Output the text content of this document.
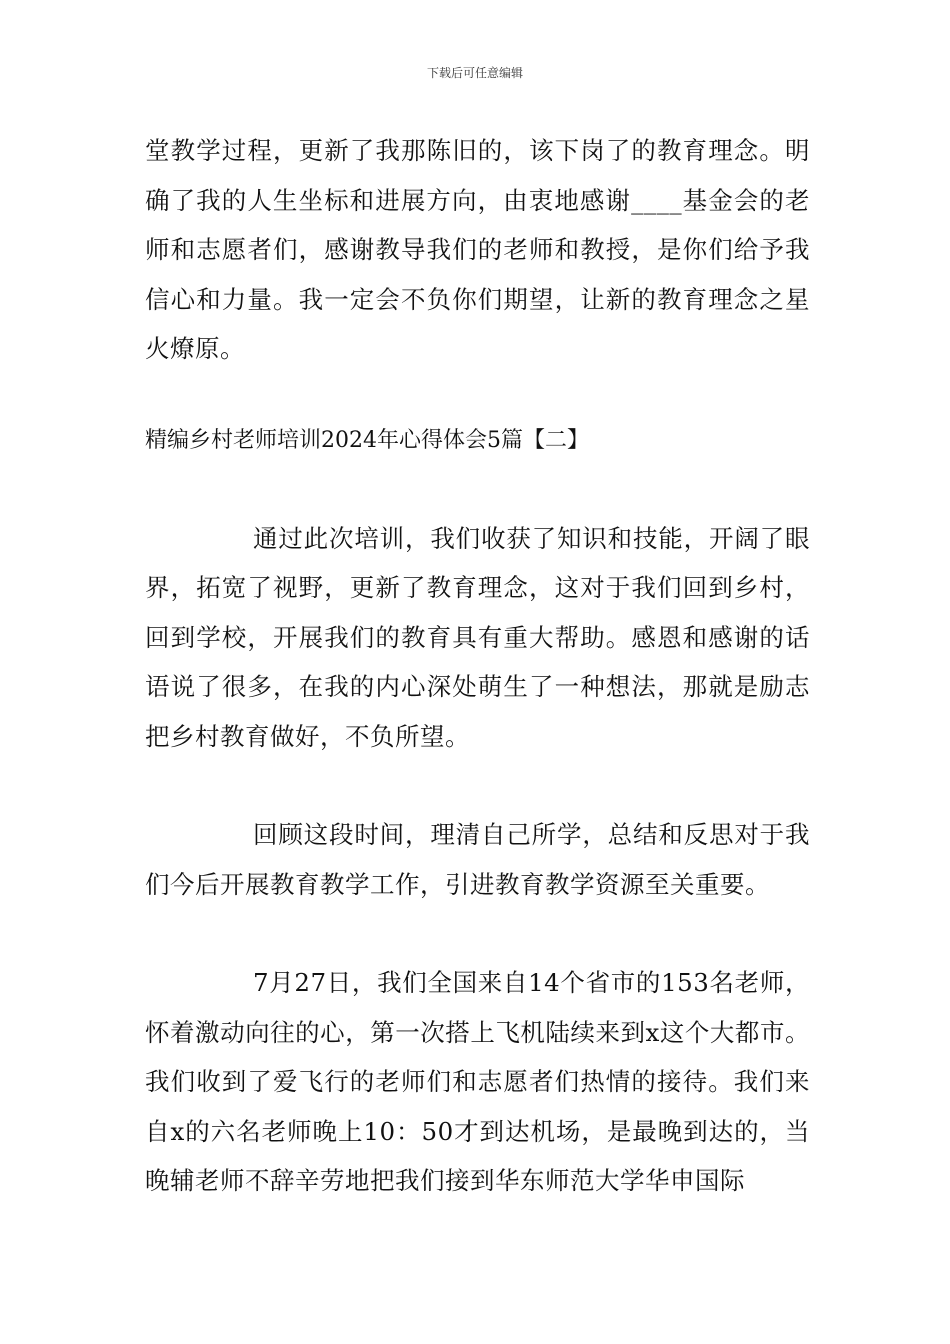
下载后可任意编辑

堂教学过程，更新了我那陈旧的，该下岗了的教育理念。明确了我的人生坐标和进展方向，由衷地感谢____基金会的老师和志愿者们，感谢教导我们的老师和教授，是你们给予我信心和力量。我一定会不负你们期望，让新的教育理念之星火燎原。

精编乡村老师培训2024年心得体会5篇【二】

通过此次培训，我们收获了知识和技能，开阔了眼界，拓宽了视野，更新了教育理念，这对于我们回到乡村，回到学校，开展我们的教育具有重大帮助。感恩和感谢的话语说了很多，在我的内心深处萌生了一种想法，那就是励志把乡村教育做好，不负所望。

回顾这段时间，理清自己所学，总结和反思对于我们今后开展教育教学工作，引进教育教学资源至关重要。

7月27日，我们全国来自14个省市的153名老师，怀着激动向往的心，第一次搭上飞机陆续来到x这个大都市。我们收到了爱飞行的老师们和志愿者们热情的接待。我们来自x的六名老师晚上10：50才到达机场，是最晚到达的，当晚辅老师不辞辛劳地把我们接到华东师范大学华申国际
